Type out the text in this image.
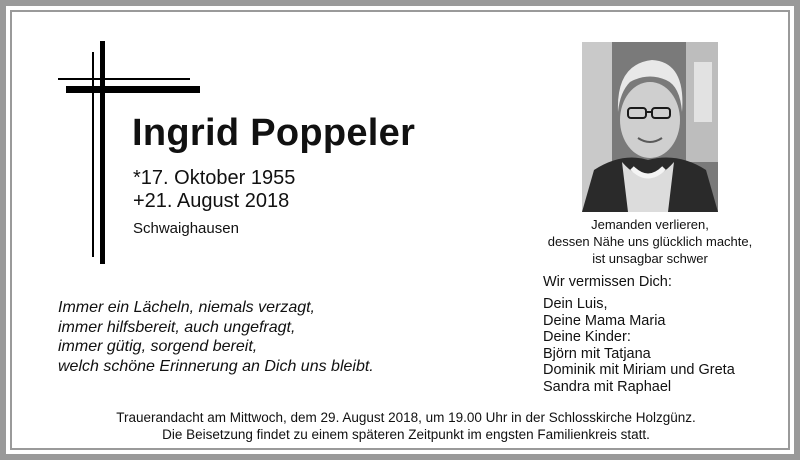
Ingrid Poppeler
*17. Oktober 1955
+21. August 2018
Schwaighausen
Immer ein Lächeln, niemals verzagt,
immer hilfsbereit, auch ungefragt,
immer gütig, sorgend bereit,
welch schöne Erinnerung an Dich uns bleibt.
Jemanden verlieren,
dessen Nähe uns glücklich machte,
ist unsagbar schwer
Wir vermissen Dich:
Dein Luis,
Deine Mama Maria
Deine Kinder:
Björn mit Tatjana
Dominik mit Miriam und Greta
Sandra mit Raphael
Trauerandacht am Mittwoch, dem 29. August 2018, um 19.00 Uhr in der Schlosskirche Holzgünz.
Die Beisetzung findet zu einem späteren Zeitpunkt im engsten Familienkreis statt.
